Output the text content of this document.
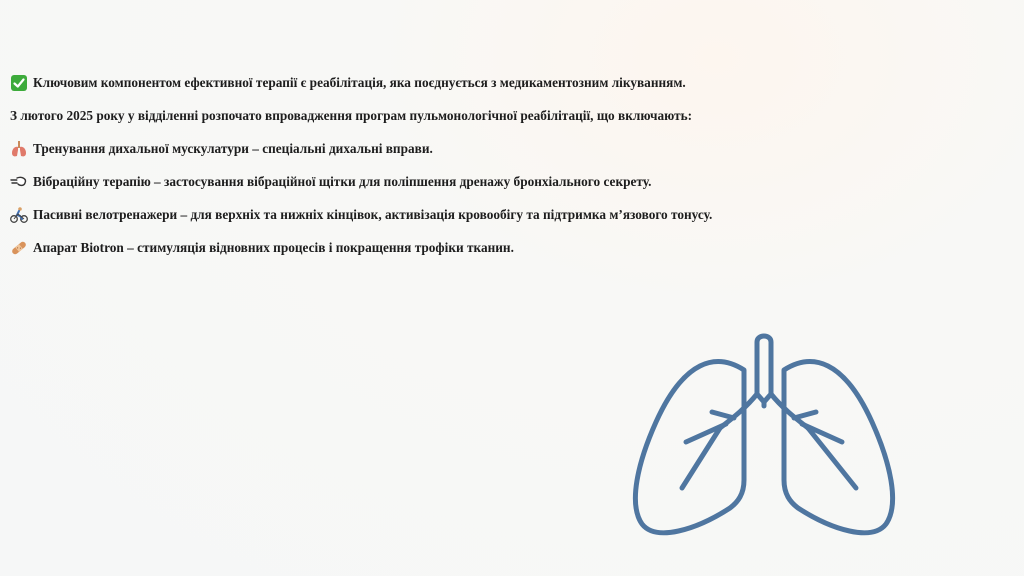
Ключовим компонентом ефективної терапії є реабілітація, яка поєднується з медикаментозним лікуванням.
З лютого 2025 року у відділенні розпочато впровадження програм пульмонологічної реабілітації, що включають:
Тренування дихальної мускулатури – спеціальні дихальні вправи.
Вібраційну терапію – застосування вібраційної щітки для поліпшення дренажу бронхіального секрету.
Пасивні велотренажери – для верхніх та нижніх кінцівок, активізація кровообігу та підтримка м’язового тонусу.
Апарат Biotron – стимуляція відновних процесів і покращення трофіки тканин.
